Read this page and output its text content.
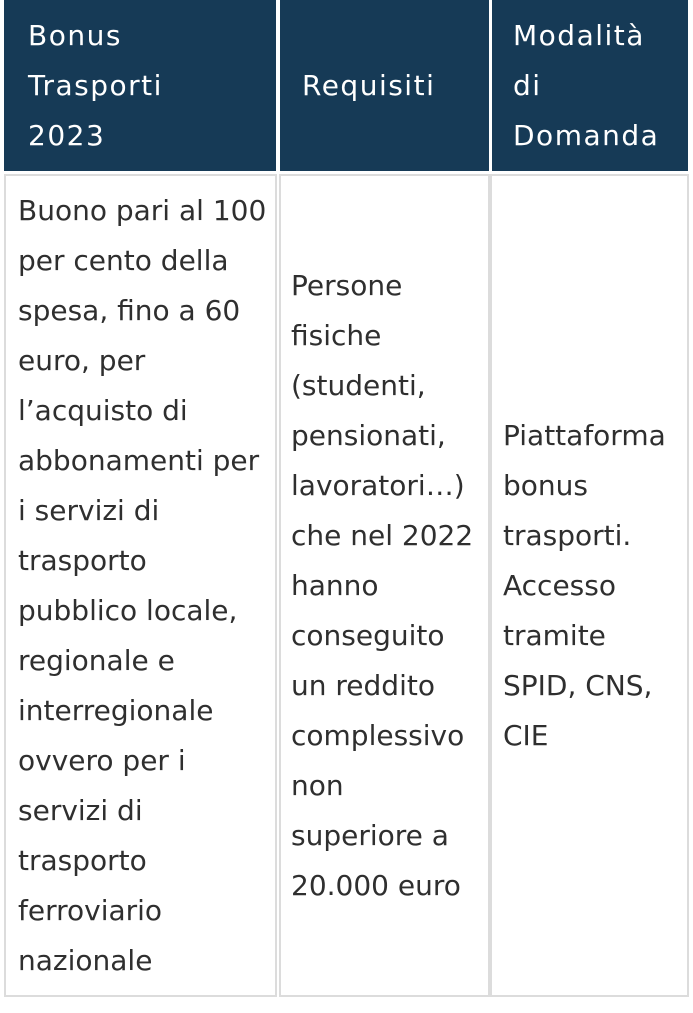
Bonus Trasporti 2023
Requisiti
Modalità di Domanda
Buono pari al 100 per cento della spesa, fino a 60 euro, per l’acquisto di abbonamenti per i servizi di trasporto pubblico locale, regionale e interregionale ovvero per i servizi di trasporto ferroviario nazionale
Persone fisiche (studenti, pensionati, lavoratori…) che nel 2022 hanno conseguito un reddito complessivo non superiore a 20.000 euro
Piattaforma bonus trasporti. Accesso tramite SPID, CNS, CIE
